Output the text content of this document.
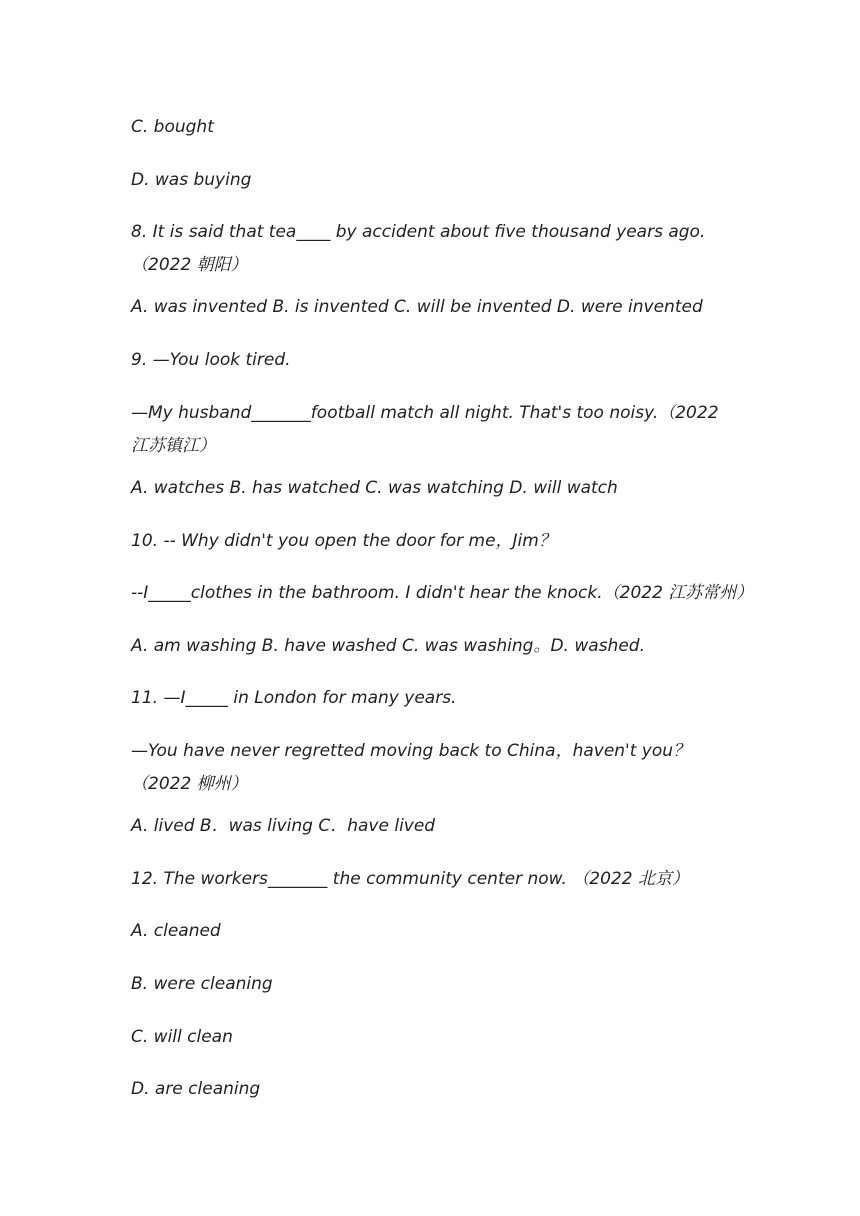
C. bought
D. was buying
8. It is said that tea____ by accident about five thousand years ago.（2022 朝阳）
A. was invented B. is invented C. will be invented D. were invented
9. —You look tired.
—My husband_______football match all night. That's too noisy.（2022 江苏镇江）
A. watches B. has watched C. was watching D. will watch
10. -- Why didn't you open the door for me，Jim？
--I_____clothes in the bathroom. I didn't hear the knock.（2022 江苏常州）
A. am washing B. have washed C. was washing。D. washed.
11. —I_____ in London for many years.
—You have never regretted moving back to China，haven't you？（2022 柳州）
A. lived B．was living C．have lived
12. The workers_______ the community center now. （2022 北京）
A. cleaned
B. were cleaning
C. will clean
D. are cleaning
